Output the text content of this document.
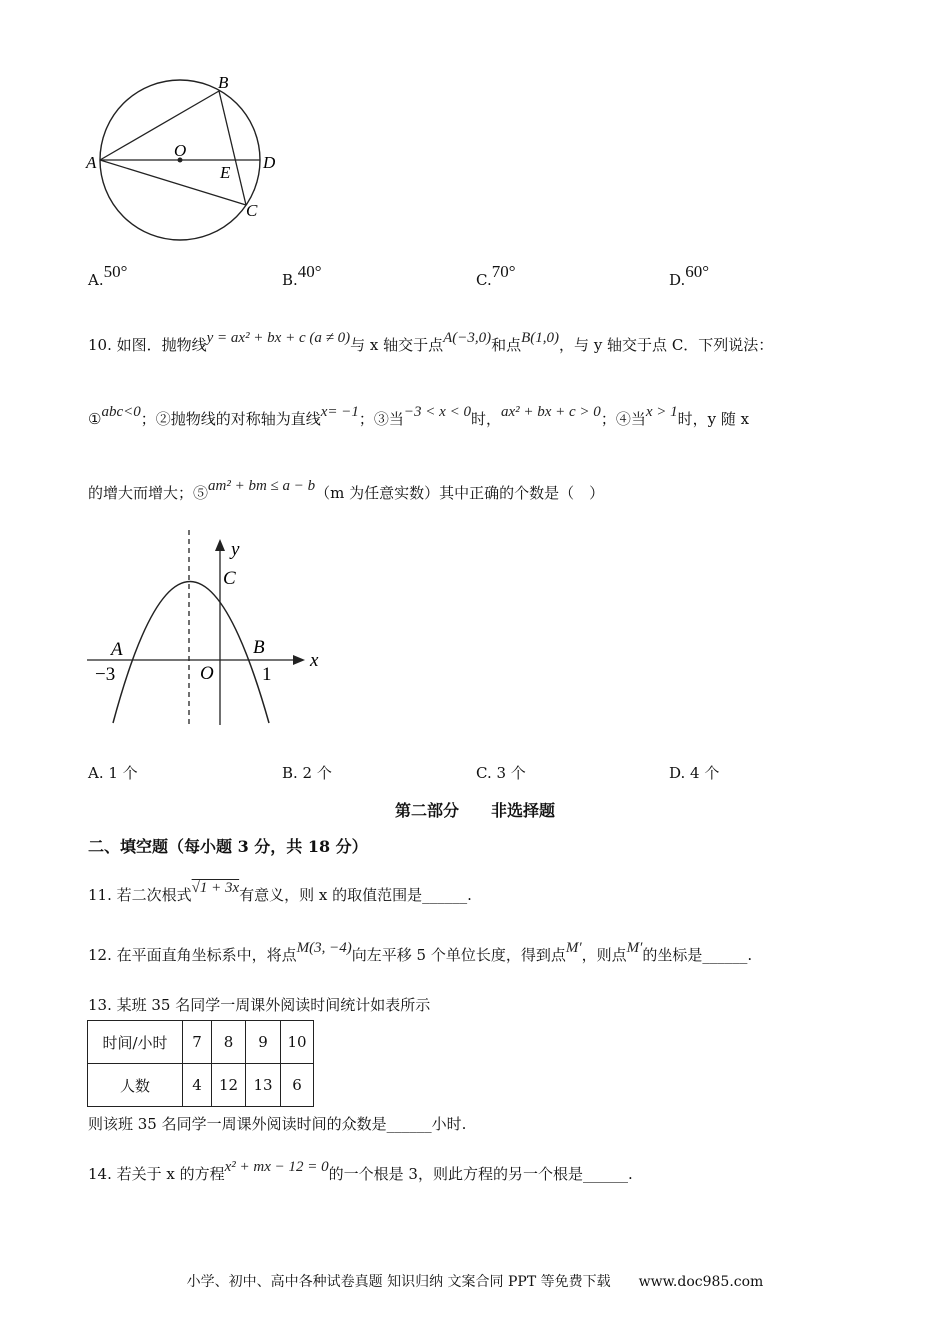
A
B
O
D
E
C
A.50°	B.40°	C.70°	D.60°
10. 如图．抛物线y = ax² + bx + c (a ≠ 0)与 x 轴交于点A(−3,0)和点B(1,0)，与 y 轴交于点 C．下列说法：
①abc<0；②抛物线的对称轴为直线x= −1；③当−3 < x < 0时，ax² + bx + c > 0；④当x > 1时，y 随 x
的增大而增大；⑤am² + bm ≤ a − b（m 为任意实数）其中正确的个数是（　）
y
x
C
A	B
O
−3	1
A. 1 个	B. 2 个	C. 3 个	D. 4 个
第二部分　　非选择题
二、填空题（每小题 3 分，共 18 分）
11. 若二次根式√1 + 3x有意义，则 x 的取值范围是______.
12. 在平面直角坐标系中，将点M(3, −4)向左平移 5 个单位长度，得到点M′，则点M′的坐标是______.
13. 某班 35 名同学一周课外阅读时间统计如表所示
时间/小时	7	8	9	10
人数	4	12	13	6
则该班 35 名同学一周课外阅读时间的众数是______小时.
14. 若关于 x 的方程x² + mx − 12 = 0的一个根是 3，则此方程的另一个根是______.
小学、初中、高中各种试卷真题 知识归纳 文案合同 PPT 等免费下载　　www.doc985.com
